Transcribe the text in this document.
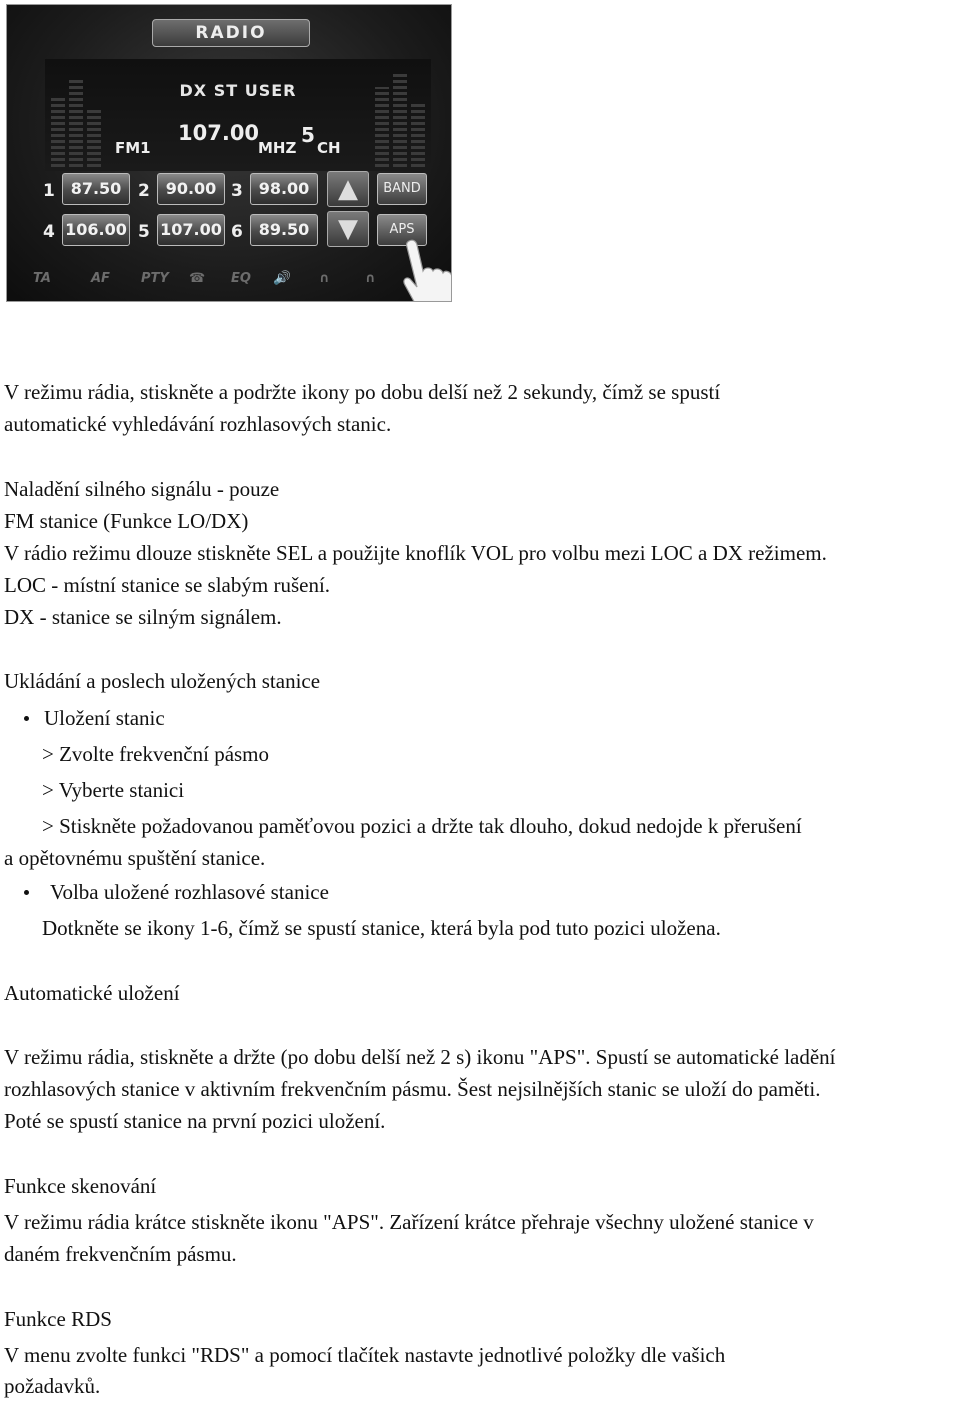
RADIO
DX ST USER
FM1
107.00
MHZ
5
CH
1 87.50 2 90.00 3 98.00
4 106.00 5 107.00 6 89.50
▲
▼
BAND
APS
TA	AF PTY ☎ EQ 🔊 ∩	∩
V režimu rádia, stiskněte a podržte ikony po dobu delší než 2 sekundy, čímž se spustí
automatické vyhledávání rozhlasových stanic.
Naladění silného signálu - pouze
FM stanice (Funkce LO/DX)
V rádio režimu dlouze stiskněte SEL a použijte knoflík VOL pro volbu mezi LOC a DX režimem.
LOC - místní stanice se slabým rušení.
DX - stanice se silným signálem.
Ukládání a poslech uložených stanice
Uložení stanic
> Zvolte frekvenční pásmo
> Vyberte stanici
> Stiskněte požadovanou paměťovou pozici a držte tak dlouho, dokud nedojde k přerušení
a opětovnému spuštění stanice.
Volba uložené rozhlasové stanice
Dotkněte se ikony 1-6, čímž se spustí stanice, která byla pod tuto pozici uložena.
Automatické uložení
V režimu rádia, stiskněte a držte (po dobu delší než 2 s) ikonu "APS". Spustí se automatické ladění
rozhlasových stanice v aktivním frekvenčním pásmu. Šest nejsilnějších stanic se uloží do paměti.
Poté se spustí stanice na první pozici uložení.
Funkce skenování
V režimu rádia krátce stiskněte ikonu "APS". Zařízení krátce přehraje všechny uložené stanice v
daném frekvenčním pásmu.
Funkce RDS
V menu zvolte funkci "RDS" a pomocí tlačítek nastavte jednotlivé položky dle vašich
požadavků.
